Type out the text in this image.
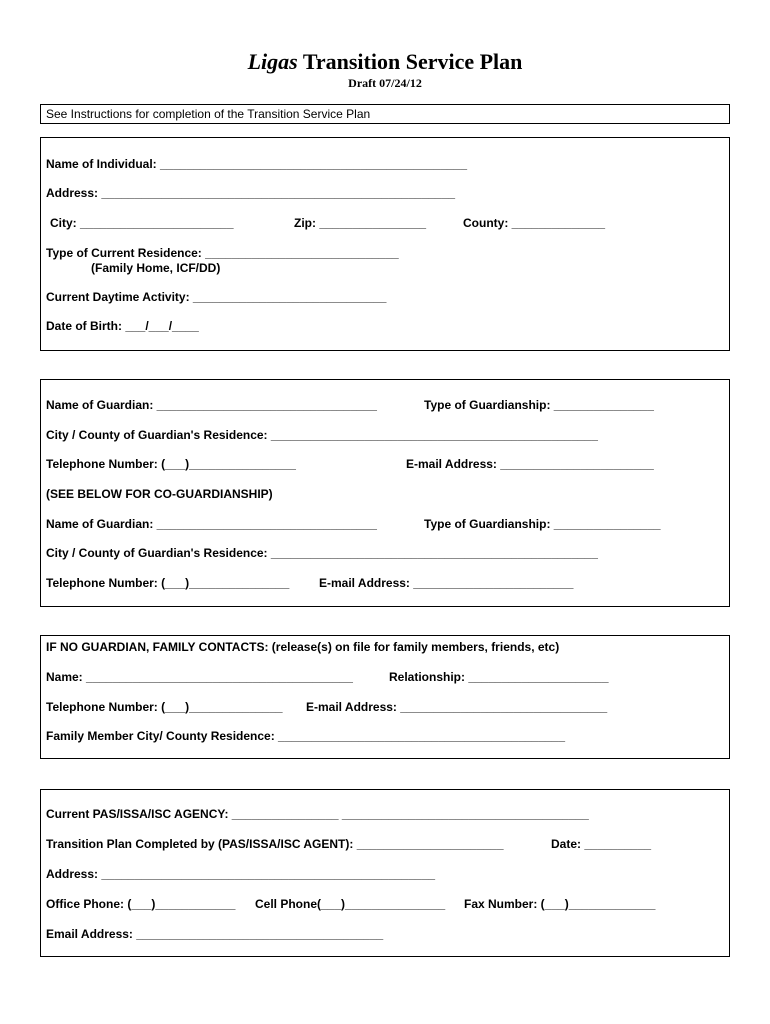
Ligas Transition Service Plan
Draft 07/24/12
See Instructions for completion of the Transition Service Plan
Name of Individual: ______________________________________________
Address: _____________________________________________________
City: _______________________	Zip: ________________	County: ______________
Type of Current Residence: _____________________________
(Family Home, ICF/DD)
Current Daytime Activity: _____________________________
Date of Birth: ___/___/____
Name of Guardian: _________________________________	Type of Guardianship: _______________
City / County of Guardian's Residence: _________________________________________________
Telephone Number: (___)________________	E-mail Address: _______________________
(SEE BELOW FOR CO-GUARDIANSHIP)
Name of Guardian: _________________________________	Type of Guardianship: ________________
City / County of Guardian's Residence: _________________________________________________
Telephone Number: (___)_______________ E-mail Address: ________________________
IF NO GUARDIAN, FAMILY CONTACTS: (release(s) on file for family members, friends, etc)
Name: ________________________________________	Relationship: _____________________
Telephone Number: (___)______________ E-mail Address: _______________________________
Family Member City/ County Residence: ___________________________________________
Current PAS/ISSA/ISC AGENCY: ________________ _____________________________________
Transition Plan Completed by (PAS/ISSA/ISC AGENT): ______________________	Date: __________
Address: __________________________________________________
Office Phone: (___)____________ Cell Phone(___)_______________ Fax Number: (___)_____________
Email Address: _____________________________________
